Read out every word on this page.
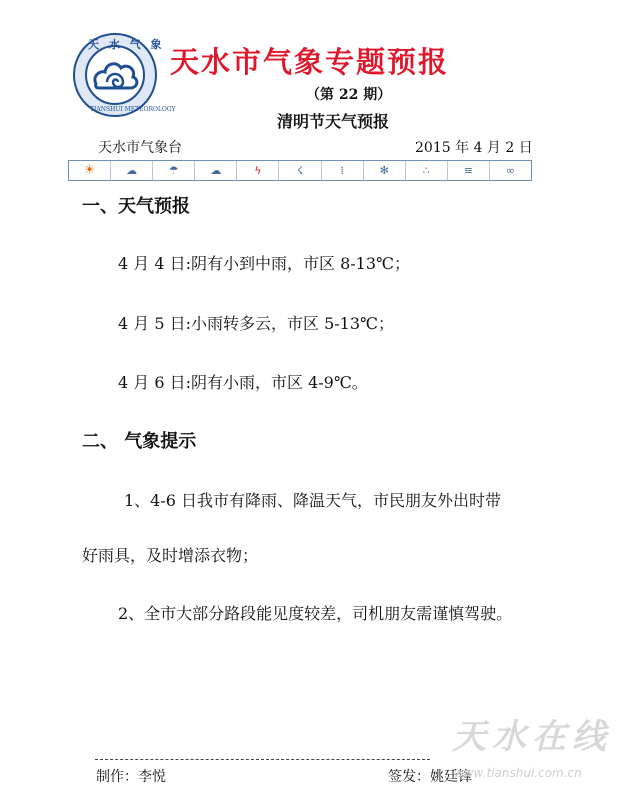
天 水 气 象
TIANSHUI METEOROLOGY
天水市气象专题预报
（第 22 期）
清明节天气预报
天水市气象台	2015 年 4 月 2 日
☀	☁	☂	☁	ϟ	☇	⁞	✻	∴	≡	∞
一、天气预报
4 月 4 日:阴有小到中雨，市区 8-13℃；
4 月 5 日:小雨转多云，市区 5-13℃；
4 月 6 日:阴有小雨，市区 4-9℃。
二、 气象提示
1、4-6 日我市有降雨、降温天气，市民朋友外出时带
好雨具，及时增添衣物；
2、全市大部分路段能见度较差，司机朋友需谨慎驾驶。
制作：李悦	签发：姚廷锋
天水在线
www.tianshui.com.cn
